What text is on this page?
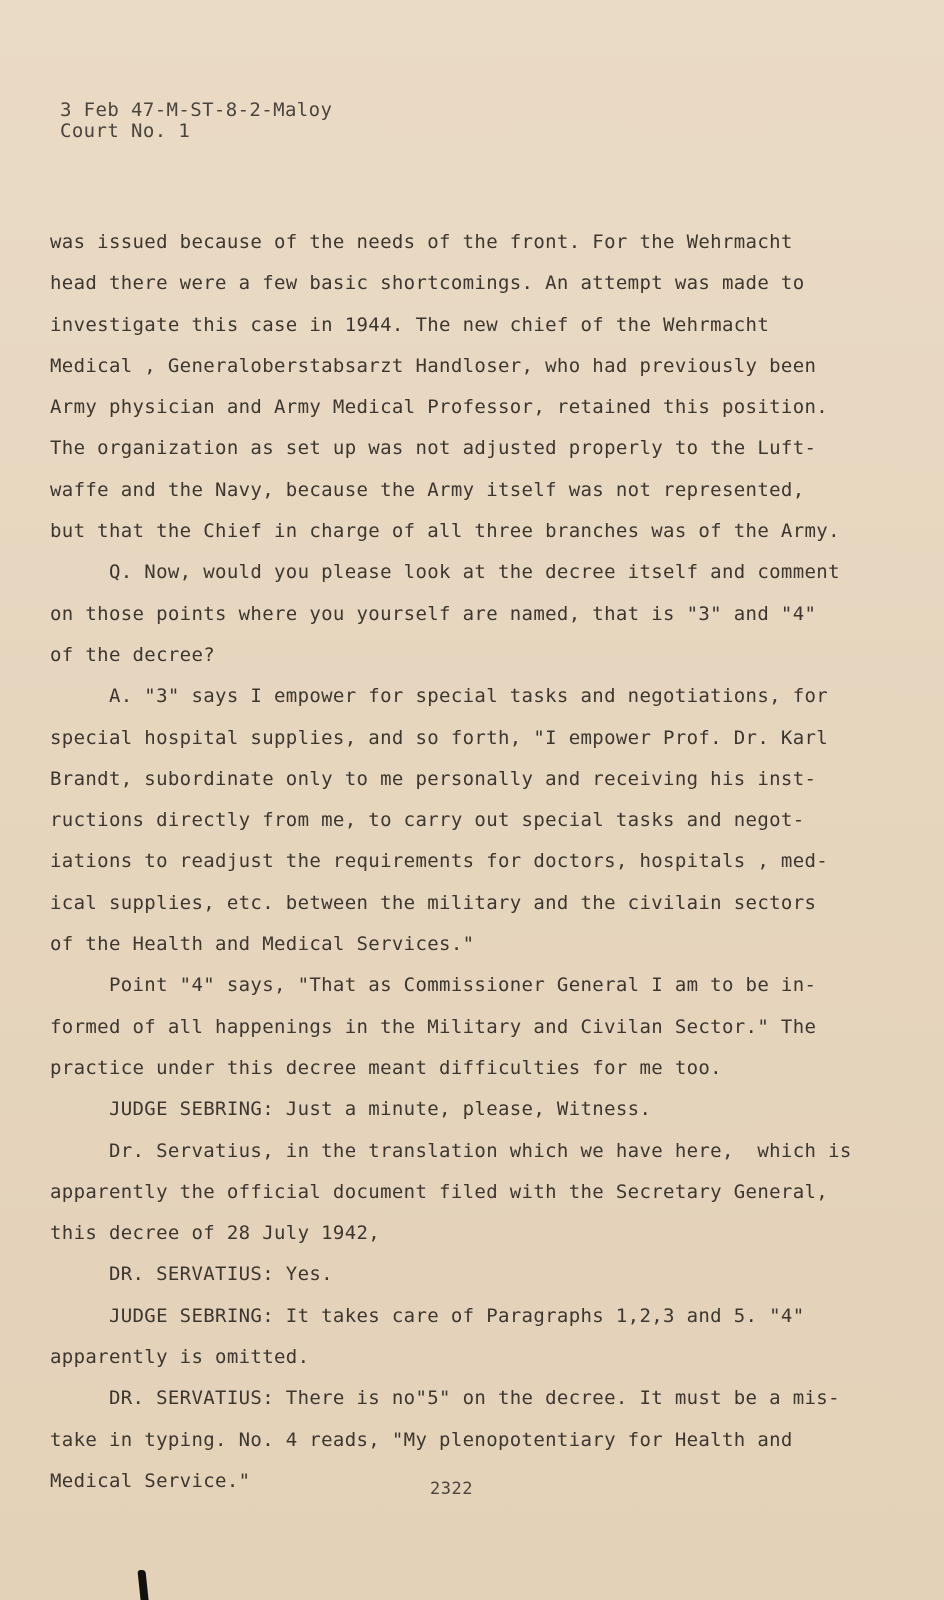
3 Feb 47-M-ST-8-2-Maloy
Court No. 1
was issued because of the needs of the front. For the Wehrmacht
head there were a few basic shortcomings. An attempt was made to
investigate this case in 1944. The new chief of the Wehrmacht
Medical , Generaloberstabsarzt Handloser, who had previously been
Army physician and Army Medical Professor, retained this position.
The organization as set up was not adjusted properly to the Luft-
waffe and the Navy, because the Army itself was not represented,
but that the Chief in charge of all three branches was of the Army.
Q. Now, would you please look at the decree itself and comment
on those points where you yourself are named, that is "3" and "4"
of the decree?
A. "3" says I empower for special tasks and negotiations, for
special hospital supplies, and so forth, "I empower Prof. Dr. Karl
Brandt, subordinate only to me personally and receiving his inst-
ructions directly from me, to carry out special tasks and negot-
iations to readjust the requirements for doctors, hospitals , med-
ical supplies, etc. between the military and the civilain sectors
of the Health and Medical Services."
Point "4" says, "That as Commissioner General I am to be in-
formed of all happenings in the Military and Civilan Sector." The
practice under this decree meant difficulties for me too.
JUDGE SEBRING: Just a minute, please, Witness.
Dr. Servatius, in the translation which we have here,  which is
apparently the official document filed with the Secretary General,
this decree of 28 July 1942,
DR. SERVATIUS: Yes.
JUDGE SEBRING: It takes care of Paragraphs 1,2,3 and 5. "4"
apparently is omitted.
DR. SERVATIUS: There is no"5" on the decree. It must be a mis-
take in typing. No. 4 reads, "My plenopotentiary for Health and
Medical Service."	2322
